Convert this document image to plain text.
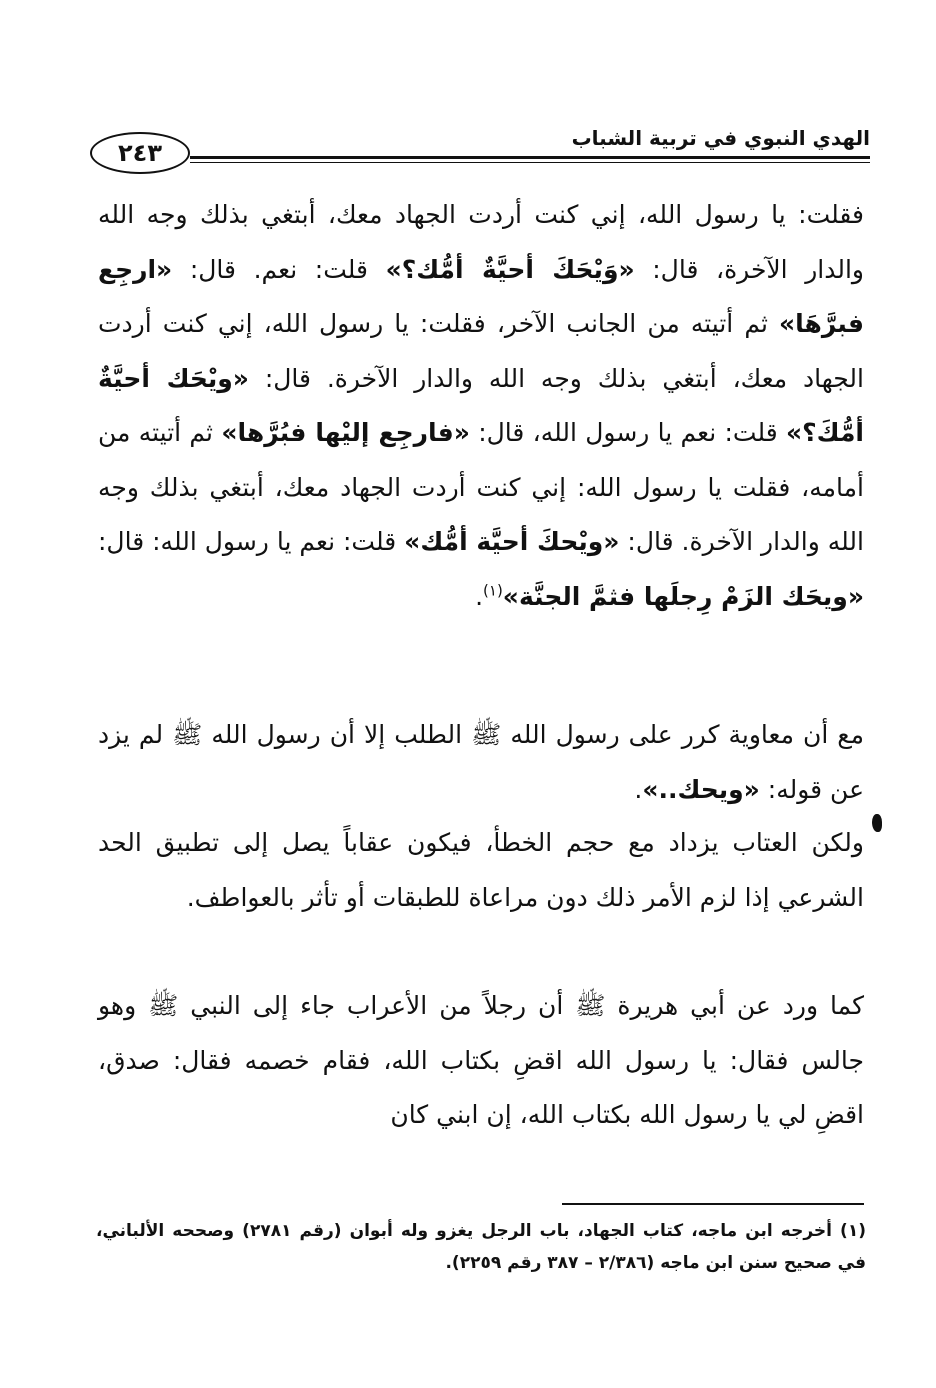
الهدي النبوي في تربية الشباب
٢٤٣

فقلت: يا رسول الله، إني كنت أردت الجهاد معك، أبتغي بذلك وجه الله والدار الآخرة، قال: «وَيْحَكَ أحيَّةٌ أمُّك؟» قلت: نعم. قال: «ارجِع فبرَّهَا» ثم أتيته من الجانب الآخر، فقلت: يا رسول الله، إني كنت أردت الجهاد معك، أبتغي بذلك وجه الله والدار الآخرة. قال: «ويْحَك أحيَّةٌ أمُّكَ؟» قلت: نعم يا رسول الله، قال: «فارجِع إليْها فبُرَّها» ثم أتيته من أمامه، فقلت يا رسول الله: إني كنت أردت الجهاد معك، أبتغي بذلك وجه الله والدار الآخرة. قال: «ويْحكَ أحيَّة أمُّك» قلت: نعم يا رسول الله: قال: «ويحَك الزَمْ رِجلَها فثمَّ الجنَّة»$^{(١)}$.

مع أن معاوية كرر على رسول الله ﷺ الطلب إلا أن رسول الله ﷺ لم يزد عن قوله: «ويحك..».

ولكن العتاب يزداد مع حجم الخطأ، فيكون عقاباً يصل إلى تطبيق الحد الشرعي إذا لزم الأمر ذلك دون مراعاة للطبقات أو تأثر بالعواطف.

كما ورد عن أبي هريرة ﷺ أن رجلاً من الأعراب جاء إلى النبي ﷺ وهو جالس فقال: يا رسول الله اقضِ بكتاب الله، فقام خصمه فقال: صدق، اقضِ لي يا رسول الله بكتاب الله، إن ابني كان

(١) أخرجه ابن ماجه، كتاب الجهاد، باب الرجل يغزو وله أبوان (رقم ٢٧٨١) وصححه الألباني، في صحيح سنن ابن ماجه (٢/٣٨٦ – ٣٨٧ رقم ٢٢٥٩).
